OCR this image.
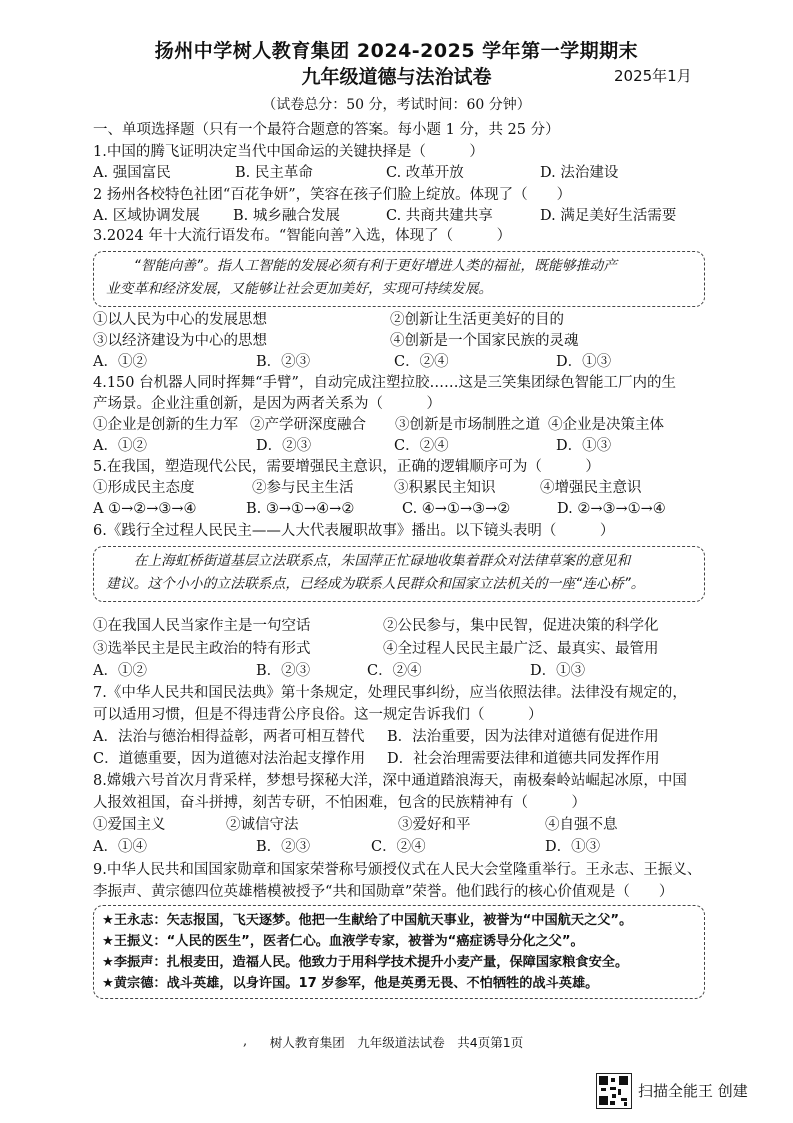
扬州中学树人教育集团 2024-2025 学年第一学期期末
九年级道德与法治试卷	2025年1月
（试卷总分：50 分，考试时间：60 分钟）
一、单项选择题（只有一个最符合题意的答案。每小题 1 分，共 25 分）
1.中国的腾飞证明决定当代中国命运的关键抉择是（　　　）
A. 强国富民	B. 民主革命	C. 改革开放	D. 法治建设
2 扬州各校特色社团“百花争妍”，笑容在孩子们脸上绽放。体现了（　　）
A. 区域协调发展 B. 城乡融合发展	C. 共商共建共享	D. 满足美好生活需要
3.2024 年十大流行语发布。“智能向善”入选，体现了（　　　）

“智能向善”。指人工智能的发展必须有利于更好增进人类的福祉，既能够推动产

业变革和经济发展，又能够让社会更加美好，实现可持续发展。

①以人民为中心的发展思想	②创新让生活更美好的目的
③以经济建设为中心的思想	④创新是一个国家民族的灵魂
A．①②	B．②③	C．②④	D．①③
4.150 台机器人同时挥舞“手臂”，自动完成注塑拉胶……这是三笑集团绿色智能工厂内的生
产场景。企业注重创新，是因为两者关系为（　　　）
①企业是创新的生力军 ②产学研深度融合 ③创新是市场制胜之道 ④企业是决策主体
A．①②	D．②③	C．②④	D．①③
5.在我国，塑造现代公民，需要增强民主意识，正确的逻辑顺序可为（　　　）
①形成民主态度	②参与民主生活	③积累民主知识	④增强民主意识
A ①→②→③→④	B. ③→①→④→②	C. ④→①→③→②	D. ②→③→①→④
6.《践行全过程人民民主——人大代表履职故事》播出。以下镜头表明（　　　）

在上海虹桥街道基层立法联系点，朱国萍正忙碌地收集着群众对法律草案的意见和

建议。这个小小的立法联系点，已经成为联系人民群众和国家立法机关的一座“连心桥”。

①在我国人民当家作主是一句空话	②公民参与，集中民智，促进决策的科学化
③选举民主是民主政治的特有形式	④全过程人民民主最广泛、最真实、最管用
A．①②	B．②③	C．②④	D．①③
7.《中华人民共和国民法典》第十条规定，处理民事纠纷，应当依照法律。法律没有规定的，
可以适用习惯，但是不得违背公序良俗。这一规定告诉我们（　　　）
A．法治与德治相得益彰，两者可相互替代 B．法治重要，因为法律对道德有促进作用
C．道德重要，因为道德对法治起支撑作用 D．社会治理需要法律和道德共同发挥作用
8.嫦娥六号首次月背采样，梦想号探秘大洋，深中通道踏浪海天，南极秦岭站崛起冰原，中国
人报效祖国，奋斗拼搏，刻苦专研，不怕困难，包含的民族精神有（　　　）
①爱国主义	②诚信守法	③爱好和平	④自强不息
A．①④	B．②③	C．②④	D．①③
9.中华人民共和国国家勋章和国家荣誉称号颁授仪式在人民大会堂隆重举行。王永志、王振义、
李振声、黄宗德四位英雄楷模被授予“共和国勋章”荣誉。他们践行的核心价值观是（　　）

★王永志：矢志报国，飞天逐梦。他把一生献给了中国航天事业，被誉为“中国航天之父”。

★王振义：“人民的医生”，医者仁心。血液学专家，被誉为“癌症诱导分化之父”。

★李振声：扎根麦田，造福人民。他致力于用科学技术提升小麦产量，保障国家粮食安全。

★黄宗德：战斗英雄，以身许国。17 岁参军，他是英勇无畏、不怕牺牲的战斗英雄。

,	树人教育集团　九年级道法试卷　共4页第1页
扫描全能王 创建
